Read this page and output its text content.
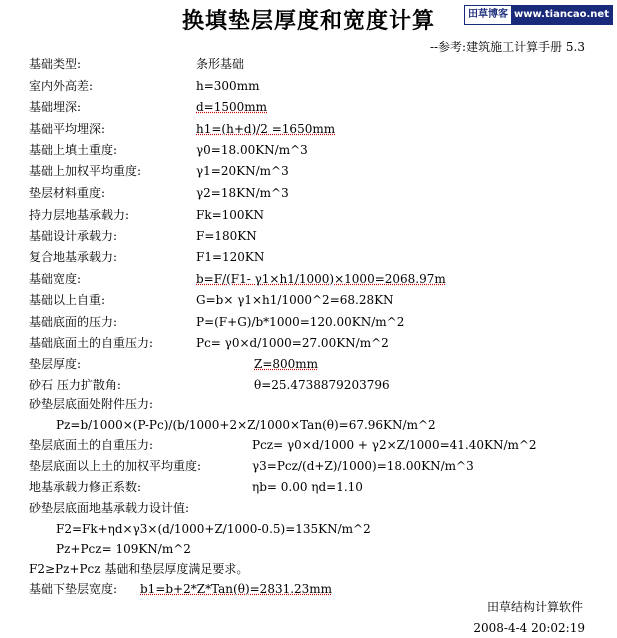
换填垫层厚度和宽度计算	田草博客 www.tiancao.net
--参考:建筑施工计算手册 5.3
基础类型:	条形基础
室内外高差:	h=300mm
基础埋深:	d=1500mm
基础平均埋深:	h1=(h+d)/2 =1650mm
基础上填土重度:	γ0=18.00KN/m^3
基础上加权平均重度:	γ1=20KN/m^3
垫层材料重度:	γ2=18KN/m^3
持力层地基承载力:	Fk=100KN
基础设计承载力:	F=180KN
复合地基承载力:	F1=120KN
基础宽度:	b=F/(F1- γ1×h1/1000)×1000=2068.97m
基础以上自重:	G=b× γ1×h1/1000^2=68.28KN
基础底面的压力:	P=(F+G)/b*1000=120.00KN/m^2
基础底面土的自重压力:	Pc= γ0×d/1000=27.00KN/m^2
垫层厚度:	Z=800mm
砂石 压力扩散角:	θ=25.4738879203796
砂垫层底面处附件压力:
Pz=b/1000×(P-Pc)/(b/1000+2×Z/1000×Tan(θ)=67.96KN/m^2
垫层底面土的自重压力:	Pcz= γ0×d/1000 + γ2×Z/1000=41.40KN/m^2
垫层底面以上土的加权平均重度:	γ3=Pcz/(d+Z)/1000)=18.00KN/m^3
地基承载力修正系数:	ηb= 0.00 ηd=1.10
砂垫层底面地基承载力设计值:
F2=Fk+ηd×γ3×(d/1000+Z/1000-0.5)=135KN/m^2
Pz+Pcz= 109KN/m^2
F2≥Pz+Pcz 基础和垫层厚度满足要求。
基础下垫层宽度: b1=b+2*Z*Tan(θ)=2831.23mm
田草结构计算软件
2008-4-4 20:02:19
